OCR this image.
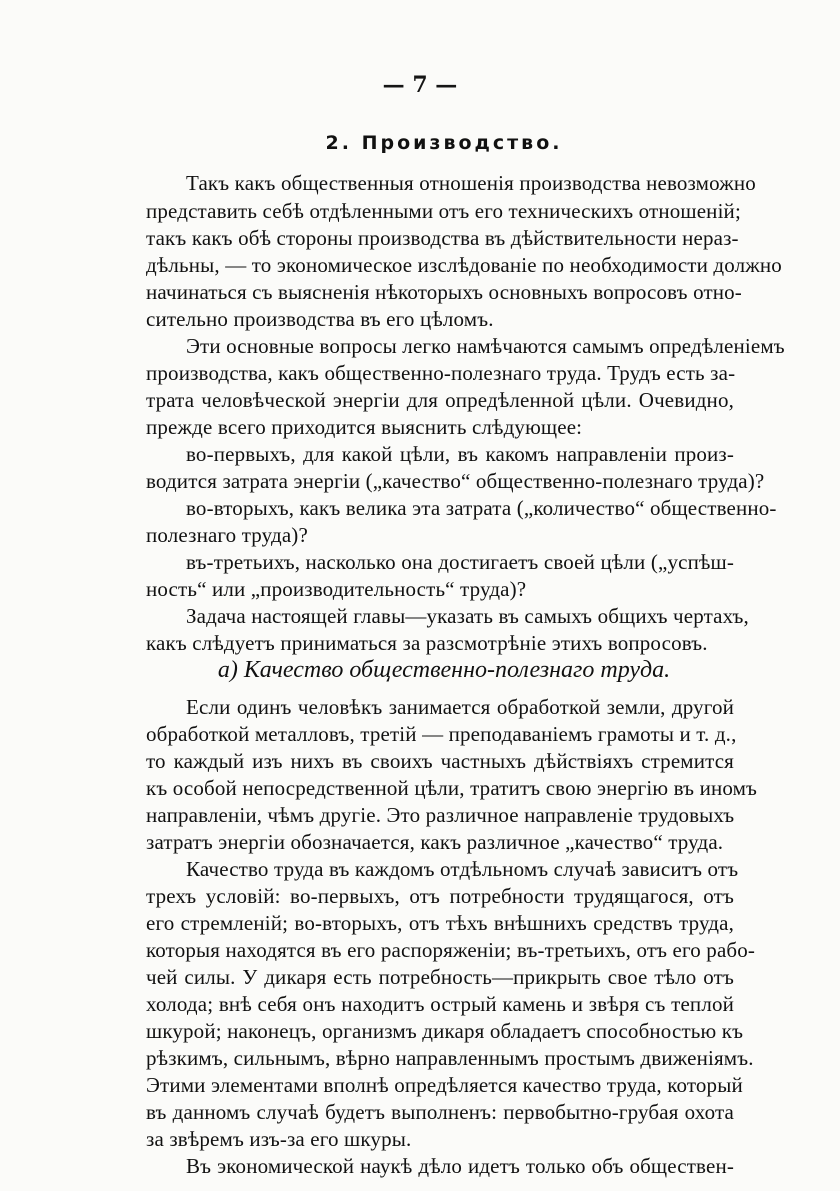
— 7 —
2. Производство.
Такъ какъ общественныя отношенія производства невозможно
представить себѣ отдѣленными отъ его техническихъ отношеній;
такъ какъ обѣ стороны производства въ дѣйствительности нераз-
дѣльны, — то экономическое изслѣдованіе по необходимости должно
начинаться съ выясненія нѣкоторыхъ основныхъ вопросовъ отно-
сительно производства въ его цѣломъ.
Эти основные вопросы легко намѣчаются самымъ опредѣленіемъ
производства, какъ общественно-полезнаго труда. Трудъ есть за-
трата человѣческой энергіи для опредѣленной цѣли. Очевидно,
прежде всего приходится выяснить слѣдующее:
во-первыхъ, для какой цѣли, въ какомъ направленіи произ-
водится затрата энергіи („качество“ общественно-полезнаго труда)?
во-вторыхъ, какъ велика эта затрата („количество“ общественно-
полезнаго труда)?
въ-третьихъ, насколько она достигаетъ своей цѣли („успѣш-
ность“ или „производительность“ труда)?
Задача настоящей главы—указать въ самыхъ общихъ чертахъ,
какъ слѣдуетъ приниматься за разсмотрѣніе этихъ вопросовъ.
a) Качество общественно-полезнаго труда.
Если одинъ человѣкъ занимается обработкой земли, другой
обработкой металловъ, третій — преподаваніемъ грамоты и т. д.,
то каждый изъ нихъ въ своихъ частныхъ дѣйствіяхъ стремится
къ особой непосредственной цѣли, тратитъ свою энергію въ иномъ
направленіи, чѣмъ другіе. Это различное направленіе трудовыхъ
затратъ энергіи обозначается, какъ различное „качество“ труда.
Качество труда въ каждомъ отдѣльномъ случаѣ зависитъ отъ
трехъ условій: во-первыхъ, отъ потребности трудящагося, отъ
его стремленій; во-вторыхъ, отъ тѣхъ внѣшнихъ средствъ труда,
которыя находятся въ его распоряженіи; въ-третьихъ, отъ его рабо-
чей силы. У дикаря есть потребность—прикрыть свое тѣло отъ
холода; внѣ себя онъ находитъ острый камень и звѣря съ теплой
шкурой; наконецъ, организмъ дикаря обладаетъ способностью къ
рѣзкимъ, сильнымъ, вѣрно направленнымъ простымъ движеніямъ.
Этими элементами вполнѣ опредѣляется качество труда, который
въ данномъ случаѣ будетъ выполненъ: первобытно-грубая охота
за звѣремъ изъ-за его шкуры.
Въ экономической наукѣ дѣло идетъ только объ обществен-
